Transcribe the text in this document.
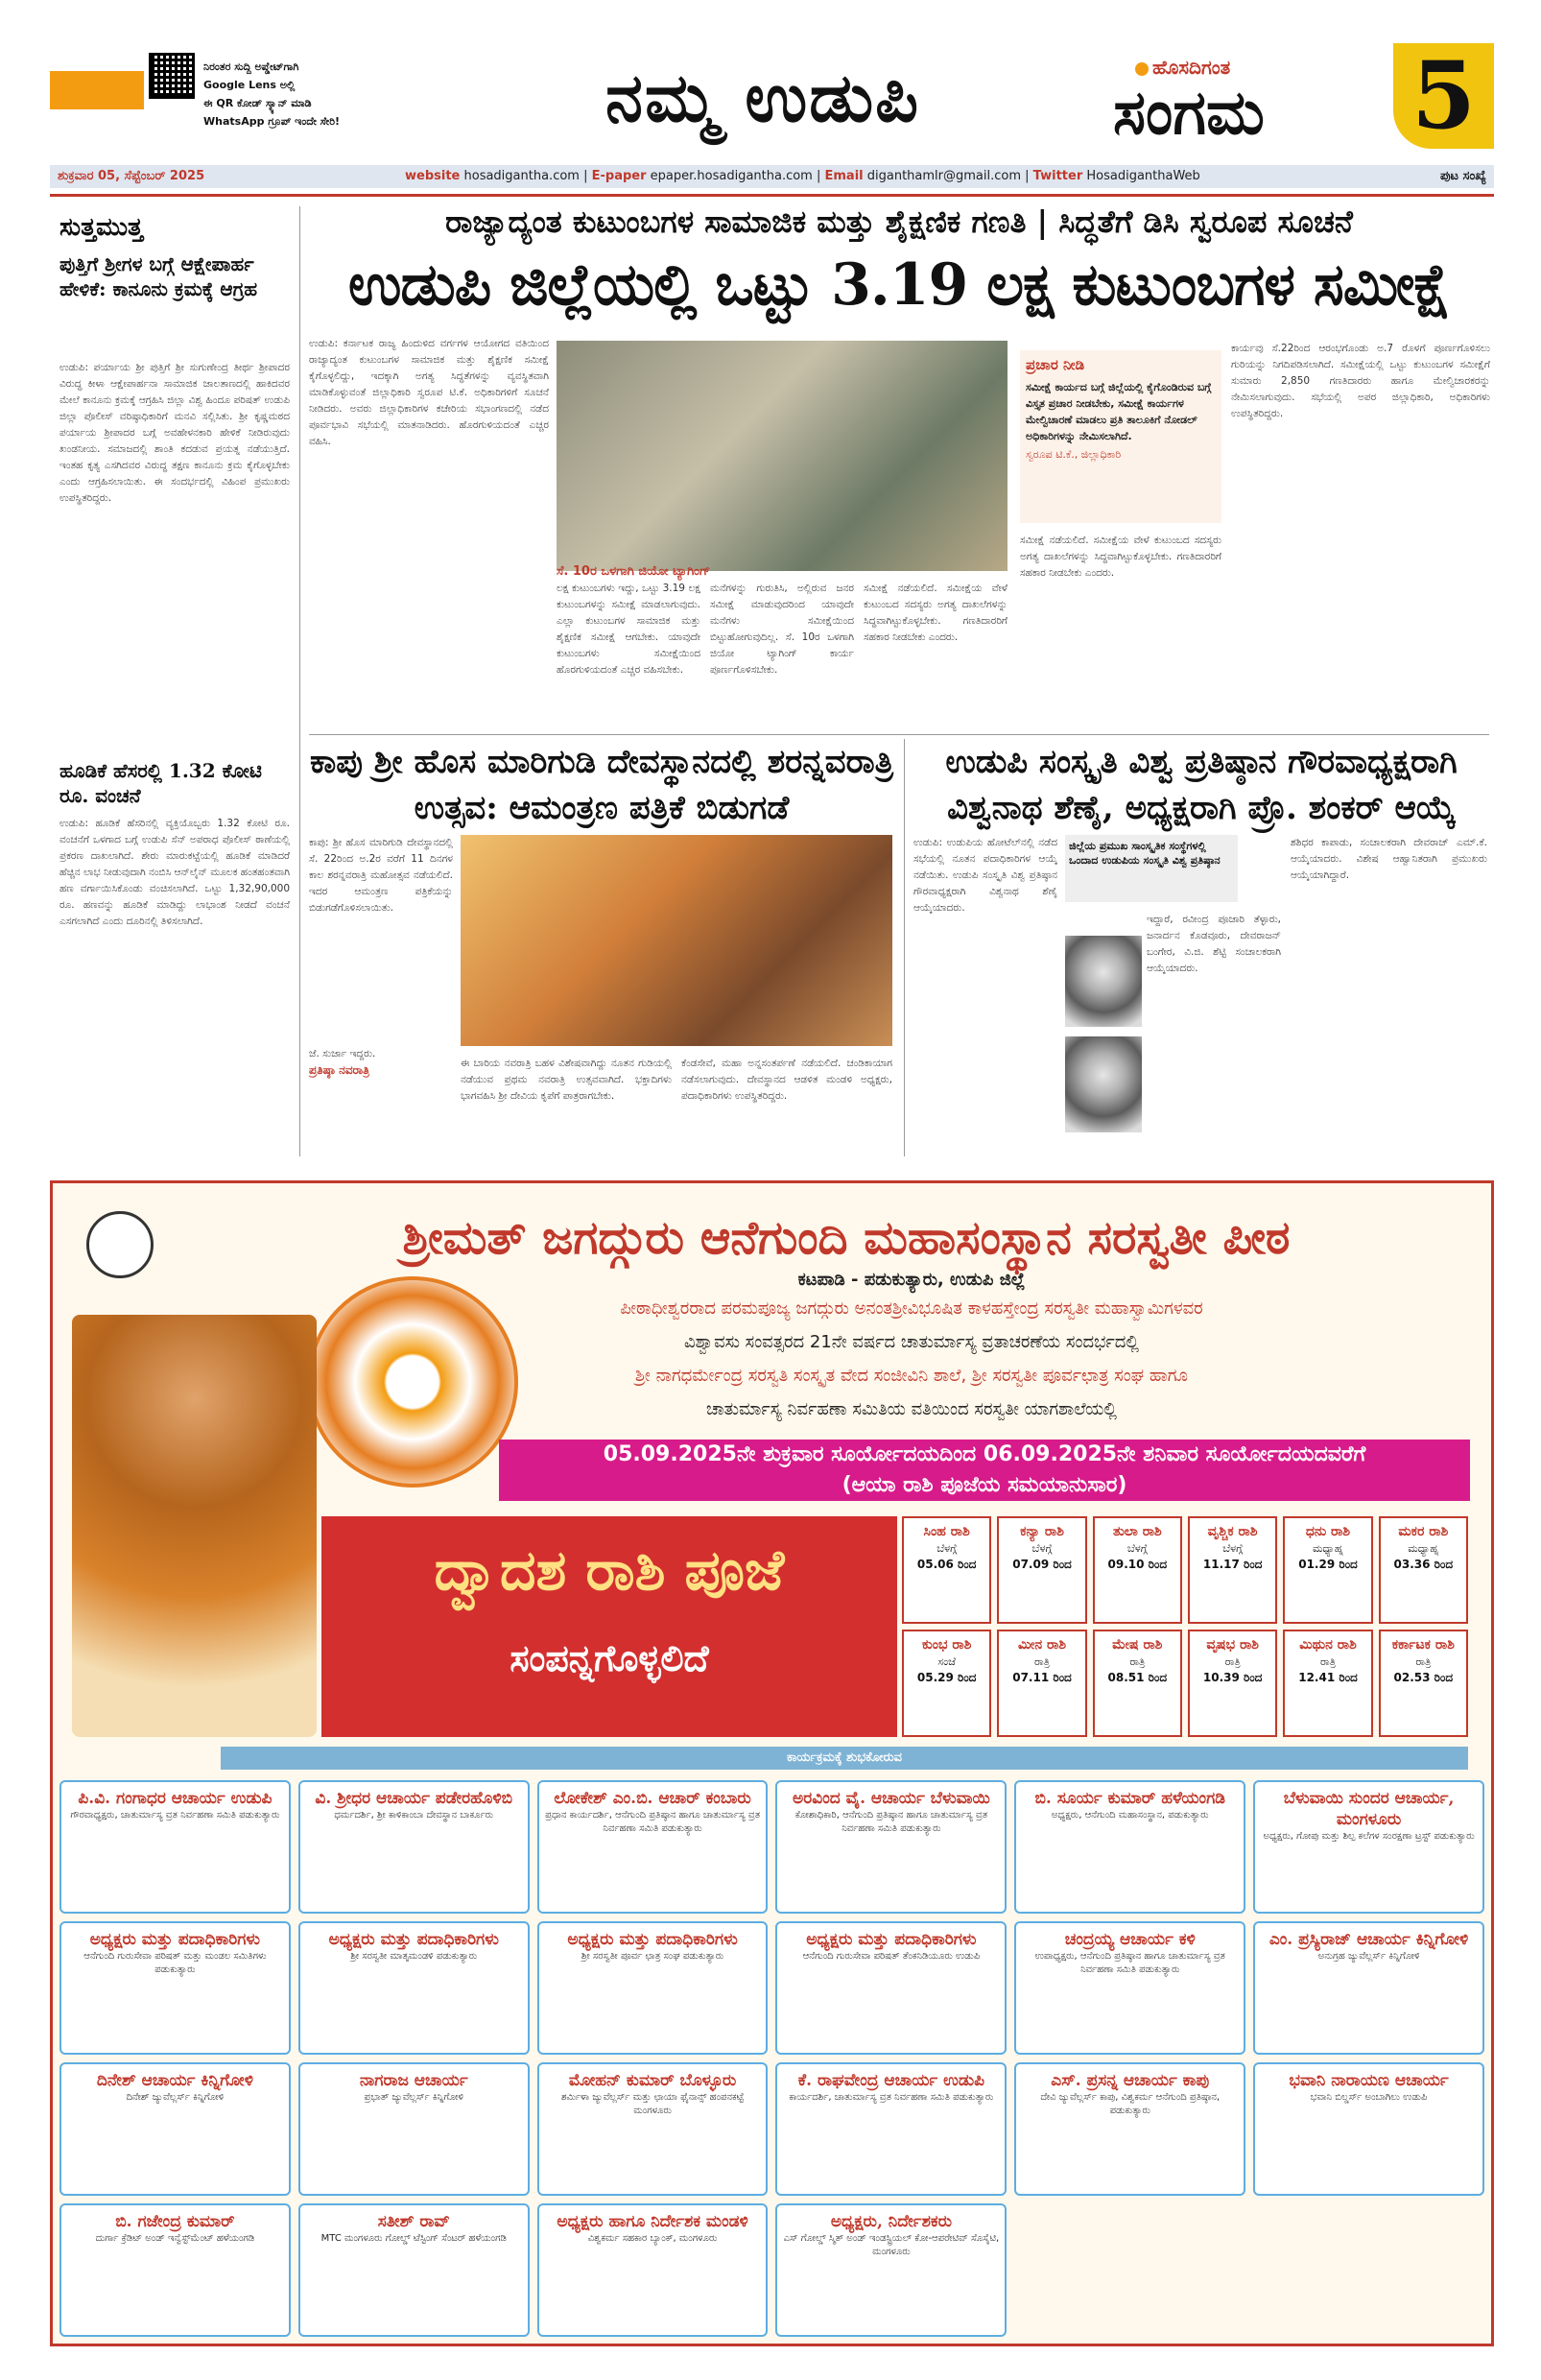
ನಿರಂತರ ಸುದ್ದಿ ಅಪ್ಡೇಟ್‌ಗಾಗಿ
Google Lens ಅಲ್ಲಿ
ಈ QR ಕೋಡ್ ಸ್ಕ್ಯಾನ್ ಮಾಡಿ
WhatsApp ಗ್ರೂಪ್ ಇಂದೇ ಸೇರಿ!	ನಮ್ಮ ಉಡುಪಿ	ಹೊಸದಿಗಂತ
ಸಂಗಮ 5
ಶುಕ್ರವಾರ 05, ಸೆಪ್ಟೆಂಬರ್ 2025	website hosadigantha.com | E-paper epaper.hosadigantha.com | Email diganthamlr@gmail.com | Twitter HosadiganthaWeb	ಪುಟ ಸಂಖ್ಯೆ
ಸುತ್ತಮುತ್ತ
ಪುತ್ತಿಗೆ ಶ್ರೀಗಳ ಬಗ್ಗೆ ಆಕ್ಷೇಪಾರ್ಹ ಹೇಳಿಕೆ: ಕಾನೂನು ಕ್ರಮಕ್ಕೆ ಆಗ್ರಹ
ಉಡುಪಿ: ಪರ್ಯಾಯ ಶ್ರೀ ಪುತ್ತಿಗೆ ಶ್ರೀ ಸುಗುಣೇಂದ್ರ ತೀರ್ಥ ಶ್ರೀಪಾದರ ವಿರುದ್ಧ ಕೀಳಾ ಆಕ್ಷೇಪಾರ್ಹನಾ ಸಾಮಾಜಿಕ ಜಾಲತಾಣದಲ್ಲಿ ಹಾಕಿದವರ ಮೇಲೆ ಕಾನೂನು ಕ್ರಮಕ್ಕೆ ಆಗ್ರಹಿಸಿ ಜಿಲ್ಲಾ ವಿಶ್ವ ಹಿಂದೂ ಪರಿಷತ್ ಉಡುಪಿ ಜಿಲ್ಲಾ ಪೊಲೀಸ್ ವರಿಷ್ಠಾಧಿಕಾರಿಗೆ ಮನವಿ ಸಲ್ಲಿಸಿತು. ಶ್ರೀ ಕೃಷ್ಣಮಠದ ಪರ್ಯಾಯ ಶ್ರೀಪಾದರ ಬಗ್ಗೆ ಅವಹೇಳನಕಾರಿ ಹೇಳಿಕೆ ನೀಡಿರುವುದು ಖಂಡನೀಯ. ಸಮಾಜದಲ್ಲಿ ಶಾಂತಿ ಕದಡುವ ಪ್ರಯತ್ನ ನಡೆಯುತ್ತಿದೆ. ಇಂತಹ ಕೃತ್ಯ ಎಸಗಿದವರ ವಿರುದ್ಧ ತಕ್ಷಣ ಕಾನೂನು ಕ್ರಮ ಕೈಗೊಳ್ಳಬೇಕು ಎಂದು ಆಗ್ರಹಿಸಲಾಯಿತು. ಈ ಸಂದರ್ಭದಲ್ಲಿ ವಿಹಿಂಪ ಪ್ರಮುಖರು ಉಪಸ್ಥಿತರಿದ್ದರು.
ಹೂಡಿಕೆ ಹೆಸರಲ್ಲಿ 1.32 ಕೋಟಿ ರೂ. ವಂಚನೆ
ಉಡುಪಿ: ಹೂಡಿಕೆ ಹೆಸರಿನಲ್ಲಿ ವ್ಯಕ್ತಿಯೊಬ್ಬರು 1.32 ಕೋಟಿ ರೂ. ವಂಚನೆಗೆ ಒಳಗಾದ ಬಗ್ಗೆ ಉಡುಪಿ ಸೆನ್ ಅಪರಾಧ ಪೊಲೀಸ್ ಠಾಣೆಯಲ್ಲಿ ಪ್ರಕರಣ ದಾಖಲಾಗಿದೆ. ಶೇರು ಮಾರುಕಟ್ಟೆಯಲ್ಲಿ ಹೂಡಿಕೆ ಮಾಡಿದರೆ ಹೆಚ್ಚಿನ ಲಾಭ ನೀಡುವುದಾಗಿ ನಂಬಿಸಿ ಆನ್‌ಲೈನ್ ಮೂಲಕ ಹಂತಹಂತವಾಗಿ ಹಣ ವರ್ಗಾಯಿಸಿಕೊಂಡು ವಂಚಿಸಲಾಗಿದೆ. ಒಟ್ಟು 1,32,90,000 ರೂ. ಹಣವನ್ನು ಹೂಡಿಕೆ ಮಾಡಿದ್ದು ಲಾಭಾಂಶ ನೀಡದೆ ವಂಚನೆ ಎಸಗಲಾಗಿದೆ ಎಂದು ದೂರಿನಲ್ಲಿ ತಿಳಿಸಲಾಗಿದೆ.
ರಾಜ್ಯಾದ್ಯಂತ ಕುಟುಂಬಗಳ ಸಾಮಾಜಿಕ ಮತ್ತು ಶೈಕ್ಷಣಿಕ ಗಣತಿ | ಸಿದ್ಧತೆಗೆ ಡಿಸಿ ಸ್ವರೂಪ ಸೂಚನೆ
ಉಡುಪಿ ಜಿಲ್ಲೆಯಲ್ಲಿ ಒಟ್ಟು 3.19 ಲಕ್ಷ ಕುಟುಂಬಗಳ ಸಮೀಕ್ಷೆ
ಉಡುಪಿ: ಕರ್ನಾಟಕ ರಾಜ್ಯ ಹಿಂದುಳಿದ ವರ್ಗಗಳ ಆಯೋಗದ ವತಿಯಿಂದ ರಾಜ್ಯಾದ್ಯಂತ ಕುಟುಂಬಗಳ ಸಾಮಾಜಿಕ ಮತ್ತು ಶೈಕ್ಷಣಿಕ ಸಮೀಕ್ಷೆ ಕೈಗೊಳ್ಳಲಿದ್ದು, ಇದಕ್ಕಾಗಿ ಅಗತ್ಯ ಸಿದ್ಧತೆಗಳನ್ನು ವ್ಯವಸ್ಥಿತವಾಗಿ ಮಾಡಿಕೊಳ್ಳುವಂತೆ ಜಿಲ್ಲಾಧಿಕಾರಿ ಸ್ವರೂಪ ಟಿ.ಕೆ. ಅಧಿಕಾರಿಗಳಿಗೆ ಸೂಚನೆ ನೀಡಿದರು. ಅವರು ಜಿಲ್ಲಾಧಿಕಾರಿಗಳ ಕಚೇರಿಯ ಸಭಾಂಗಣದಲ್ಲಿ ನಡೆದ ಪೂರ್ವಭಾವಿ ಸಭೆಯಲ್ಲಿ ಮಾತನಾಡಿದರು. ಹೊರಗುಳಿಯದಂತೆ ಎಚ್ಚರ ವಹಿಸಿ.
ಲಕ್ಷ ಕುಟುಂಬಗಳು ಇದ್ದು, ಒಟ್ಟು 3.19 ಲಕ್ಷ ಕುಟುಂಬಗಳನ್ನು ಸಮೀಕ್ಷೆ ಮಾಡಲಾಗುವುದು. ಎಲ್ಲಾ ಕುಟುಂಬಗಳ ಸಾಮಾಜಿಕ ಮತ್ತು ಶೈಕ್ಷಣಿಕ ಸಮೀಕ್ಷೆ ಆಗಬೇಕು. ಯಾವುದೇ ಕುಟುಂಬಗಳು ಸಮೀಕ್ಷೆಯಿಂದ ಹೊರಗುಳಿಯದಂತೆ ಎಚ್ಚರ ವಹಿಸಬೇಕು.
ಮನೆಗಳನ್ನು ಗುರುತಿಸಿ, ಅಲ್ಲಿರುವ ಜನರ ಸಮೀಕ್ಷೆ ಮಾಡುವುದರಿಂದ ಯಾವುದೇ ಮನೆಗಳು ಸಮೀಕ್ಷೆಯಿಂದ ಬಿಟ್ಟುಹೋಗುವುದಿಲ್ಲ. ಸೆ. 10ರ ಒಳಗಾಗಿ ಜಿಯೋ ಟ್ಯಾಗಿಂಗ್ ಕಾರ್ಯ ಪೂರ್ಣಗೊಳಿಸಬೇಕು.
ಸೆ. 10ರ ಒಳಗಾಗಿ ಜಿಯೋ ಟ್ಯಾಗಿಂಗ್
ಸಮೀಕ್ಷೆ ನಡೆಯಲಿದೆ. ಸಮೀಕ್ಷೆಯ ವೇಳೆ ಕುಟುಂಬದ ಸದಸ್ಯರು ಅಗತ್ಯ ದಾಖಲೆಗಳನ್ನು ಸಿದ್ಧವಾಗಿಟ್ಟುಕೊಳ್ಳಬೇಕು. ಗಣತಿದಾರರಿಗೆ ಸಹಕಾರ ನೀಡಬೇಕು ಎಂದರು.
ಪ್ರಚಾರ ನೀಡಿ
ಸಮೀಕ್ಷೆ ಕಾರ್ಯದ ಬಗ್ಗೆ ಜಿಲ್ಲೆಯಲ್ಲಿ ಕೈಗೊಂಡಿರುವ ಬಗ್ಗೆ ವಿಸ್ತೃತ ಪ್ರಚಾರ ನೀಡಬೇಕು, ಸಮೀಕ್ಷೆ ಕಾರ್ಯಗಳ ಮೇಲ್ವಿಚಾರಣೆ ಮಾಡಲು ಪ್ರತಿ ತಾಲೂಕಿಗೆ ನೋಡಲ್ ಅಧಿಕಾರಿಗಳನ್ನು ನೇಮಿಸಲಾಗಿದೆ.
ಸ್ವರೂಪ ಟಿ.ಕೆ., ಜಿಲ್ಲಾಧಿಕಾರಿ
ಸಮೀಕ್ಷೆ ನಡೆಯಲಿದೆ. ಸಮೀಕ್ಷೆಯ ವೇಳೆ ಕುಟುಂಬದ ಸದಸ್ಯರು ಅಗತ್ಯ ದಾಖಲೆಗಳನ್ನು ಸಿದ್ಧವಾಗಿಟ್ಟುಕೊಳ್ಳಬೇಕು. ಗಣತಿದಾರರಿಗೆ ಸಹಕಾರ ನೀಡಬೇಕು ಎಂದರು.
ಕಾರ್ಯವು ಸೆ.22ರಿಂದ ಆರಂಭಗೊಂಡು ಅ.7 ರೊಳಗೆ ಪೂರ್ಣಗೊಳಿಸಲು ಗುರಿಯನ್ನು ನಿಗದಿಪಡಿಸಲಾಗಿದೆ. ಸಮೀಕ್ಷೆಯಲ್ಲಿ ಒಟ್ಟು ಕುಟುಂಬಗಳ ಸಮೀಕ್ಷೆಗೆ ಸುಮಾರು 2,850 ಗಣತಿದಾರರು ಹಾಗೂ ಮೇಲ್ವಿಚಾರಕರನ್ನು ನೇಮಿಸಲಾಗುವುದು. ಸಭೆಯಲ್ಲಿ ಅಪರ ಜಿಲ್ಲಾಧಿಕಾರಿ, ಅಧಿಕಾರಿಗಳು ಉಪಸ್ಥಿತರಿದ್ದರು.
ಕಾಪು ಶ್ರೀ ಹೊಸ ಮಾರಿಗುಡಿ ದೇವಸ್ಥಾನದಲ್ಲಿ ಶರನ್ನವರಾತ್ರಿ ಉತ್ಸವ: ಆಮಂತ್ರಣ ಪತ್ರಿಕೆ ಬಿಡುಗಡೆ
ಕಾಪು: ಶ್ರೀ ಹೊಸ ಮಾರಿಗುಡಿ ದೇವಸ್ಥಾನದಲ್ಲಿ ಸೆ. 22ರಿಂದ ಅ.2ರ ವರೆಗೆ 11 ದಿನಗಳ ಕಾಲ ಶರನ್ನವರಾತ್ರಿ ಮಹೋತ್ಸವ ನಡೆಯಲಿದೆ. ಇದರ ಆಮಂತ್ರಣ ಪತ್ರಿಕೆಯನ್ನು ಬಿಡುಗಡೆಗೊಳಿಸಲಾಯಿತು.
ಜೆ. ಸುರ್ಜಾ ಇದ್ದರು.
ಪ್ರತಿಷ್ಠಾ ನವರಾತ್ರಿ	ಈ ಬಾರಿಯ ನವರಾತ್ರಿ ಬಹಳ ವಿಶೇಷವಾಗಿದ್ದು ನೂತನ ಗುಡಿಯಲ್ಲಿ ನಡೆಯುವ ಪ್ರಥಮ ನವರಾತ್ರಿ ಉತ್ಸವವಾಗಿದೆ. ಭಕ್ತಾದಿಗಳು ಭಾಗವಹಿಸಿ ಶ್ರೀ ದೇವಿಯ ಕೃಪೆಗೆ ಪಾತ್ರರಾಗಬೇಕು.
ಕೆಂಡಸೇವೆ, ಮಹಾ ಅನ್ನಸಂತರ್ಪಣೆ ನಡೆಯಲಿದೆ. ಚಂಡಿಕಾಯಾಗ ನಡೆಸಲಾಗುವುದು. ದೇವಸ್ಥಾನದ ಆಡಳಿತ ಮಂಡಳಿ ಅಧ್ಯಕ್ಷರು, ಪದಾಧಿಕಾರಿಗಳು ಉಪಸ್ಥಿತರಿದ್ದರು.
ಉಡುಪಿ ಸಂಸ್ಕೃತಿ ವಿಶ್ವ ಪ್ರತಿಷ್ಠಾನ ಗೌರವಾಧ್ಯಕ್ಷರಾಗಿ ವಿಶ್ವನಾಥ ಶೆಣೈ, ಅಧ್ಯಕ್ಷರಾಗಿ ಪ್ರೊ. ಶಂಕರ್ ಆಯ್ಕೆ
ಉಡುಪಿ: ಉಡುಪಿಯ ಹೋಟೆಲ್‌ನಲ್ಲಿ ನಡೆದ ಸಭೆಯಲ್ಲಿ ನೂತನ ಪದಾಧಿಕಾರಿಗಳ ಆಯ್ಕೆ ನಡೆಯಿತು. ಉಡುಪಿ ಸಂಸ್ಕೃತಿ ವಿಶ್ವ ಪ್ರತಿಷ್ಠಾನ ಗೌರವಾಧ್ಯಕ್ಷರಾಗಿ ವಿಶ್ವನಾಥ ಶೆಣೈ ಆಯ್ಕೆಯಾದರು.
ಜಿಲ್ಲೆಯ ಪ್ರಮುಖ ಸಾಂಸ್ಕೃತಿಕ ಸಂಸ್ಥೆಗಳಲ್ಲಿ ಒಂದಾದ ಉಡುಪಿಯ ಸಂಸ್ಕೃತಿ ವಿಶ್ವ ಪ್ರತಿಷ್ಠಾನ
ಇದ್ದಾರೆ, ರವೀಂದ್ರ ಪೂಜಾರಿ ತೆಳ್ಳಾರು, ಜನಾರ್ದನ ಕೊಡವೂರು, ದೇವರಾಜನ್ ಬಂಗೇರ, ವಿ.ಜಿ. ಶೆಟ್ಟಿ ಸಂಚಾಲಕರಾಗಿ ಆಯ್ಕೆಯಾದರು.
ಶಶಿಧರ ಕಾಪಾಡು, ಸಂಚಾಲಕರಾಗಿ ದೇವರಾಜ್ ಎಮ್.ಕೆ. ಆಯ್ಕೆಯಾದರು. ವಿಶೇಷ ಆಹ್ವಾನಿತರಾಗಿ ಪ್ರಮುಖರು ಆಯ್ಕೆಯಾಗಿದ್ದಾರೆ.
ಶ್ರೀಮತ್ ಜಗದ್ಗುರು ಆನೆಗುಂದಿ ಮಹಾಸಂಸ್ಥಾನ ಸರಸ್ವತೀ ಪೀಠ
ಕಟಪಾಡಿ - ಪಡುಕುತ್ಯಾರು, ಉಡುಪಿ ಜಿಲ್ಲೆ
ಪೀಠಾಧೀಶ್ವರರಾದ ಪರಮಪೂಜ್ಯ ಜಗದ್ಗುರು ಅನಂತಶ್ರೀವಿಭೂಷಿತ ಕಾಳಹಸ್ತೇಂದ್ರ ಸರಸ್ವತೀ ಮಹಾಸ್ವಾಮಿಗಳವರ
ವಿಶ್ವಾವಸು ಸಂವತ್ಸರದ 21ನೇ ವರ್ಷದ ಚಾತುರ್ಮಾಸ್ಯ ವ್ರತಾಚರಣೆಯ ಸಂದರ್ಭದಲ್ಲಿ
ಶ್ರೀ ನಾಗಧರ್ಮೇಂದ್ರ ಸರಸ್ವತಿ ಸಂಸ್ಕೃತ ವೇದ ಸಂಜೀವಿನಿ ಶಾಲೆ, ಶ್ರೀ ಸರಸ್ವತೀ ಪೂರ್ವಛಾತ್ರ ಸಂಘ ಹಾಗೂ
ಚಾತುರ್ಮಾಸ್ಯ ನಿರ್ವಹಣಾ ಸಮಿತಿಯ ವತಿಯಿಂದ ಸರಸ್ವತೀ ಯಾಗಶಾಲೆಯಲ್ಲಿ
05.09.2025ನೇ ಶುಕ್ರವಾರ ಸೂರ್ಯೋದಯದಿಂದ 06.09.2025ನೇ ಶನಿವಾರ ಸೂರ್ಯೋದಯದವರೆಗೆ
(ಆಯಾ ರಾಶಿ ಪೂಜೆಯ ಸಮಯಾನುಸಾರ)
ದ್ವಾದಶ ರಾಶಿ ಪೂಜೆ
ಸಂಪನ್ನಗೊಳ್ಳಲಿದೆ
ಸಿಂಹ ರಾಶಿ
ಬೆಳಗ್ಗೆ
05.06 ರಿಂದ
ಕನ್ಯಾ ರಾಶಿ
ಬೆಳಗ್ಗೆ
07.09 ರಿಂದ
ತುಲಾ ರಾಶಿ
ಬೆಳಗ್ಗೆ
09.10 ರಿಂದ
ವೃಶ್ಚಿಕ ರಾಶಿ
ಬೆಳಗ್ಗೆ
11.17 ರಿಂದ
ಧನು ರಾಶಿ
ಮಧ್ಯಾಹ್ನ
01.29 ರಿಂದ
ಮಕರ ರಾಶಿ
ಮಧ್ಯಾಹ್ನ
03.36 ರಿಂದ
ಕುಂಭ ರಾಶಿ
ಸಂಜೆ
05.29 ರಿಂದ
ಮೀನ ರಾಶಿ
ರಾತ್ರಿ
07.11 ರಿಂದ
ಮೇಷ ರಾಶಿ
ರಾತ್ರಿ
08.51 ರಿಂದ
ವೃಷಭ ರಾಶಿ
ರಾತ್ರಿ
10.39 ರಿಂದ
ಮಿಥುನ ರಾಶಿ
ರಾತ್ರಿ
12.41 ರಿಂದ
ಕರ್ಕಾಟಕ ರಾಶಿ
ರಾತ್ರಿ
02.53 ರಿಂದ
ಕಾರ್ಯಕ್ರಮಕ್ಕೆ ಶುಭಕೋರುವ
ಪಿ.ವಿ. ಗಂಗಾಧರ ಆಚಾರ್ಯ ಉಡುಪಿ
ಗೌರವಾಧ್ಯಕ್ಷರು, ಚಾತುರ್ಮಾಸ್ಯ ವ್ರತ ನಿರ್ವಹಣಾ ಸಮಿತಿ ಪಡುಕುತ್ಯಾರು
ವಿ. ಶ್ರೀಧರ ಆಚಾರ್ಯ ಪಡೇರಹೊಳಿಬಿ
ಧರ್ಮದರ್ಶಿ, ಶ್ರೀ ಕಾಳಿಕಾಂಬಾ ದೇವಸ್ಥಾನ ಬಾರ್ಕೂರು
ಲೋಕೇಶ್ ಎಂ.ಬಿ. ಆಚಾರ್ ಕಂಬಾರು
ಪ್ರಧಾನ ಕಾರ್ಯದರ್ಶಿ, ಆನೆಗುಂದಿ ಪ್ರತಿಷ್ಠಾನ ಹಾಗೂ ಚಾತುರ್ಮಾಸ್ಯ ವ್ರತ ನಿರ್ವಹಣಾ ಸಮಿತಿ ಪಡುಕುತ್ಯಾರು
ಅರವಿಂದ ವೈ. ಆಚಾರ್ಯ ಬೆಳುವಾಯಿ
ಕೋಶಾಧಿಕಾರಿ, ಆನೆಗುಂದಿ ಪ್ರತಿಷ್ಠಾನ ಹಾಗೂ ಚಾತುರ್ಮಾಸ್ಯ ವ್ರತ ನಿರ್ವಹಣಾ ಸಮಿತಿ ಪಡುಕುತ್ಯಾರು
ಬಿ. ಸೂರ್ಯ ಕುಮಾರ್ ಹಳೆಯಂಗಡಿ
ಅಧ್ಯಕ್ಷರು, ಆನೆಗುಂದಿ ಮಹಾಸಂಸ್ಥಾನ, ಪಡುಕುತ್ಯಾರು
ಬೆಳುವಾಯಿ ಸುಂದರ ಆಚಾರ್ಯ, ಮಂಗಳೂರು
ಅಧ್ಯಕ್ಷರು, ಗೋಪು ಮತ್ತು ಶಿಲ್ಪ ಕಲೆಗಳ ಸಂರಕ್ಷಣಾ ಟ್ರಸ್ಟ್ ಪಡುಕುತ್ಯಾರು
ಅಧ್ಯಕ್ಷರು ಮತ್ತು ಪದಾಧಿಕಾರಿಗಳು
ಆನೆಗುಂದಿ ಗುರುಸೇವಾ ಪರಿಷತ್ ಮತ್ತು ಮಂಡಲ ಸಮಿತಿಗಳು ಪಡುಕುತ್ಯಾರು
ಅಧ್ಯಕ್ಷರು ಮತ್ತು ಪದಾಧಿಕಾರಿಗಳು
ಶ್ರೀ ಸರಸ್ವತೀ ಮಾತೃಮಂಡಳಿ ಪಡುಕುತ್ಯಾರು
ಅಧ್ಯಕ್ಷರು ಮತ್ತು ಪದಾಧಿಕಾರಿಗಳು
ಶ್ರೀ ಸರಸ್ವತೀ ಪೂರ್ವ ಛಾತ್ರ ಸಂಘ ಪಡುಕುತ್ಯಾರು
ಅಧ್ಯಕ್ಷರು ಮತ್ತು ಪದಾಧಿಕಾರಿಗಳು
ಆನೆಗುಂದಿ ಗುರುಸೇವಾ ಪರಿಷತ್ ತೆಂಕನಿಡಿಯೂರು ಉಡುಪಿ
ಚಂದ್ರಯ್ಯ ಆಚಾರ್ಯ ಕಳಿ
ಉಪಾಧ್ಯಕ್ಷರು, ಆನೆಗುಂದಿ ಪ್ರತಿಷ್ಠಾನ ಹಾಗೂ ಚಾತುರ್ಮಾಸ್ಯ ವ್ರತ ನಿರ್ವಹಣಾ ಸಮಿತಿ ಪಡುಕುತ್ಯಾರು
ಎಂ. ಪ್ರಸ್ಯಿರಾಜ್ ಆಚಾರ್ಯ ಕಿನ್ನಿಗೋಳಿ
ಅನುಗ್ರಹ ಜ್ಯುವೆಲ್ಲರ್ಸ್ ಕಿನ್ನಿಗೋಳಿ
ದಿನೇಶ್ ಆಚಾರ್ಯ ಕಿನ್ನಿಗೋಳಿ
ದಿನೇಶ್ ಜ್ಯುವೆಲ್ಲರ್ಸ್ ಕಿನ್ನಿಗೋಳಿ
ನಾಗರಾಜ ಆಚಾರ್ಯ
ಪ್ರಭಾತ್ ಜ್ಯುವೆಲ್ಲರ್ಸ್ ಕಿನ್ನಿಗೋಳಿ
ಮೋಹನ್ ಕುಮಾರ್ ಬೊಳ್ಳೂರು
ಶರ್ಮಿಳಾ ಜ್ಯುವೆಲ್ಲರ್ಸ್ ಮತ್ತು ಛಾಯಾ ಫೈನಾನ್ಸ್ ಹಂಪನಕಟ್ಟೆ ಮಂಗಳೂರು
ಕೆ. ರಾಘವೇಂದ್ರ ಆಚಾರ್ಯ ಉಡುಪಿ
ಕಾರ್ಯದರ್ಶಿ, ಚಾತುರ್ಮಾಸ್ಯ ವ್ರತ ನಿರ್ವಹಣಾ ಸಮಿತಿ ಪಡುಕುತ್ಯಾರು
ಎಸ್. ಪ್ರಸನ್ನ ಆಚಾರ್ಯ ಕಾಪು
ದೇವಿ ಜ್ಯುವೆಲ್ಲರ್ಸ್ ಕಾಪು, ವಿಶ್ವಕರ್ಮ ಆನೆಗುಂದಿ ಪ್ರತಿಷ್ಠಾನ, ಪಡುಕುತ್ಯಾರು
ಭವಾನಿ ನಾರಾಯಣ ಆಚಾರ್ಯ
ಭವಾನಿ ಬಿಲ್ಡರ್ಸ್ ಅಂಬಾಗಿಲು ಉಡುಪಿ
ಬಿ. ಗಜೇಂದ್ರ ಕುಮಾರ್
ದುರ್ಗಾ ಕ್ರೆಡಿಟ್ ಅಂಡ್ ಇನ್ವೆಸ್ಟ್‌ಮೆಂಟ್ ಹಳೆಯಂಗಡಿ
ಸತೀಶ್ ರಾವ್
MTC ಮಂಗಳೂರು ಗೋಲ್ಡ್ ಟೆಸ್ಟಿಂಗ್ ಸೆಂಟರ್ ಹಳೆಯಂಗಡಿ
ಅಧ್ಯಕ್ಷರು ಹಾಗೂ ನಿರ್ದೇಶಕ ಮಂಡಳಿ
ವಿಶ್ವಕರ್ಮ ಸಹಕಾರ ಬ್ಯಾಂಕ್, ಮಂಗಳೂರು
ಅಧ್ಯಕ್ಷರು, ನಿರ್ದೇಶಕರು
ಎಸ್ ಗೋಲ್ಡ್ ಸ್ಮಿತ್ ಅಂಡ್ ಇಂಡಸ್ಟ್ರಿಯಲ್ ಕೋ-ಆಪರೇಟಿವ್ ಸೊಸೈಟಿ, ಮಂಗಳೂರು
